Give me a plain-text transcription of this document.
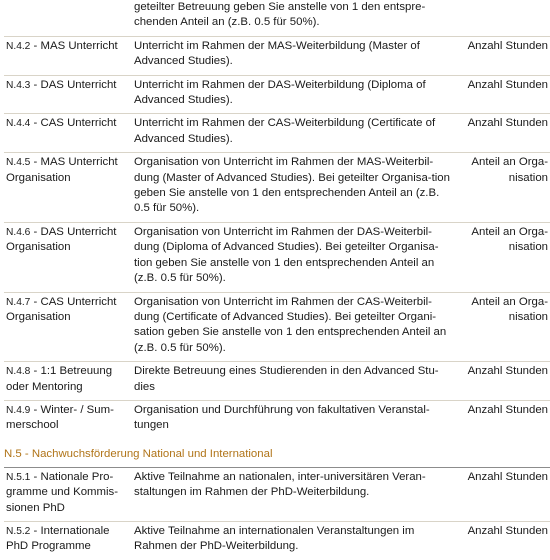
	geteilter Betreuung geben Sie anstelle von 1 den entspre-chenden Anteil an (z.B. 0.5 für 50%).	
N.4.2 - MAS Unterricht	Unterricht im Rahmen der MAS-Weiterbildung (Master of Advanced Studies).	Anzahl Stunden
N.4.3 - DAS Unterricht	Unterricht im Rahmen der DAS-Weiterbildung (Diploma of Advanced Studies).	Anzahl Stunden
N.4.4 - CAS Unterricht	Unterricht im Rahmen der CAS-Weiterbildung (Certificate of Advanced Studies).	Anzahl Stunden
N.4.5 - MAS Unterricht Organisation	Organisation von Unterricht im Rahmen der MAS-Weiterbil-dung (Master of Advanced Studies). Bei geteilter Organisa-tion geben Sie anstelle von 1 den entsprechenden Anteil an (z.B. 0.5 für 50%).	Anteil an Orga-nisation
N.4.6 - DAS Unterricht Organisation	Organisation von Unterricht im Rahmen der DAS-Weiterbil-dung (Diploma of Advanced Studies). Bei geteilter Organisa-tion geben Sie anstelle von 1 den entsprechenden Anteil an (z.B. 0.5 für 50%).	Anteil an Orga-nisation
N.4.7 - CAS Unterricht Organisation	Organisation von Unterricht im Rahmen der CAS-Weiterbil-dung (Certificate of Advanced Studies). Bei geteilter Organi-sation geben Sie anstelle von 1 den entsprechenden Anteil an (z.B. 0.5 für 50%).	Anteil an Orga-nisation
N.4.8 - 1:1 Betreuung oder Mentoring	Direkte Betreuung eines Studierenden in den Advanced Stu-dies	Anzahl Stunden
N.4.9 - Winter- / Sum-merschool	Organisation und Durchführung von fakultativen Veranstal-tungen	Anzahl Stunden
N.5 - Nachwuchsförderung National und International
N.5.1 - Nationale Pro-gramme und Kommis-sionen PhD	Aktive Teilnahme an nationalen, inter-universitären Veran-staltungen im Rahmen der PhD-Weiterbildung.	Anzahl Stunden
N.5.2 - Internationale PhD Programme	Aktive Teilnahme an internationalen Veranstaltungen im Rahmen der PhD-Weiterbildung.	Anzahl Stunden
